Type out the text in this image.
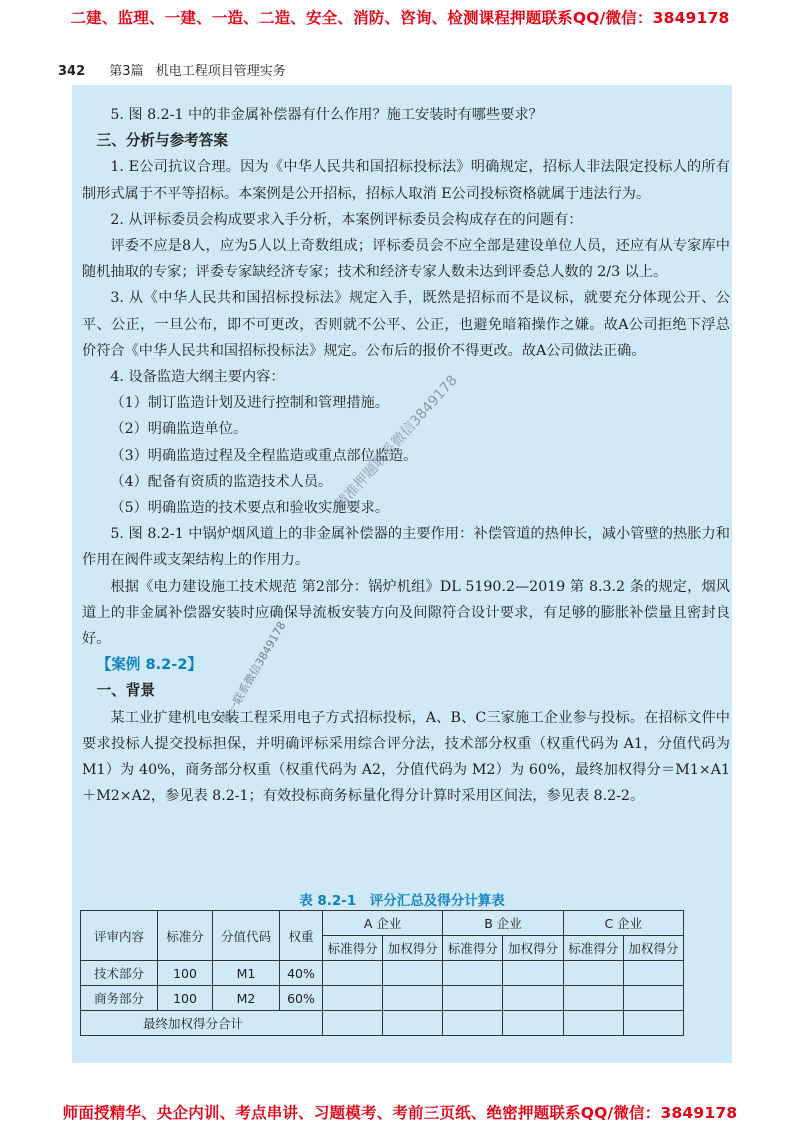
二建、监理、一建、一造、二造、安全、消防、咨询、检测课程押题联系QQ/微信：3849178
342 第3篇 机电工程项目管理实务

5. 图 8.2-1 中的非金属补偿器有什么作用？施工安装时有哪些要求？

三、分析与参考答案

1. E公司抗议合理。因为《中华人民共和国招标投标法》明确规定，招标人非法限定投标人的所有制形式属于不平等招标。本案例是公开招标，招标人取消 E公司投标资格就属于违法行为。

2. 从评标委员会构成要求入手分析，本案例评标委员会构成存在的问题有：

评委不应是8人，应为5人以上奇数组成；评标委员会不应全部是建设单位人员，还应有从专家库中随机抽取的专家；评委专家缺经济专家；技术和经济专家人数未达到评委总人数的 2/3 以上。

3. 从《中华人民共和国招标投标法》规定入手，既然是招标而不是议标，就要充分体现公开、公平、公正，一旦公布，即不可更改，否则就不公平、公正，也避免暗箱操作之嫌。故A公司拒绝下浮总价符合《中华人民共和国招标投标法》规定。公布后的报价不得更改。故A公司做法正确。

4. 设备监造大纲主要内容：

（1）制订监造计划及进行控制和管理措施。

（2）明确监造单位。

（3）明确监造过程及全程监造或重点部位监造。

（4）配备有资质的监造技术人员。

（5）明确监造的技术要点和验收实施要求。

5. 图 8.2-1 中锅炉烟风道上的非金属补偿器的主要作用：补偿管道的热伸长，减小管壁的热胀力和作用在阀件或支架结构上的作用力。

根据《电力建设施工技术规范 第2部分：锅炉机组》DL 5190.2—2019 第 8.3.2 条的规定，烟风道上的非金属补偿器安装时应确保导流板安装方向及间隙符合设计要求，有足够的膨胀补偿量且密封良好。

【案例 8.2-2】

一、背景

某工业扩建机电安装工程采用电子方式招标投标，A、B、C三家施工企业参与投标。在招标文件中要求投标人提交投标担保，并明确评标采用综合评分法，技术部分权重（权重代码为 A1，分值代码为 M1）为 40%，商务部分权重（权重代码为 A2，分值代码为 M2）为 60%，最终加权得分＝M1×A1＋M2×A2，参见表 8.2-1；有效投标商务标量化得分计算时采用区间法，参见表 8.2-2。

表 8.2-1　评分汇总及得分计算表
评审内容	标准分	分值代码	权重	A 企业		B 企业		C 企业	
				标准得分	加权得分	标准得分	加权得分	标准得分	加权得分
技术部分	100	M1	40%						
商务部分	100	M2	60%						
最终加权得分合计									
精准押题联系微信3849178
唯一联系微信3849178
师面授精华、央企内训、考点串讲、习题模考、考前三页纸、绝密押题联系QQ/微信：3849178
